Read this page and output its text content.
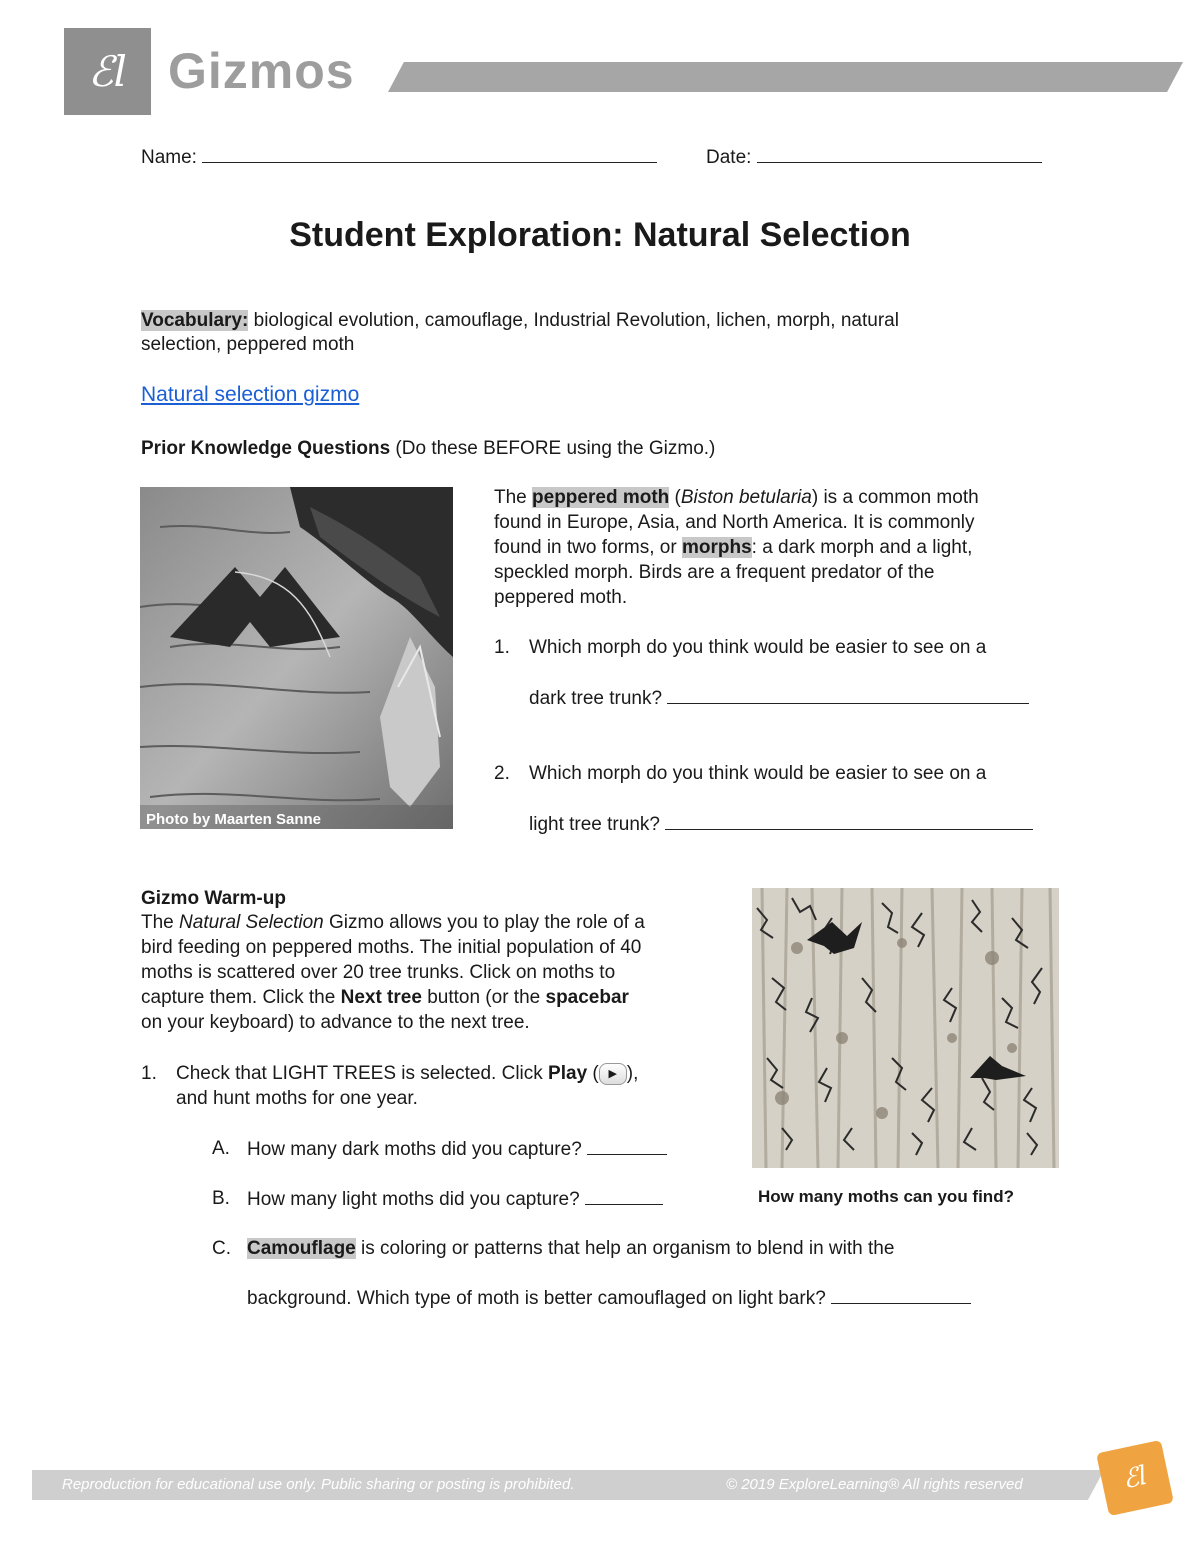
ℰl Gizmos
Name:	Date:
Student Exploration: Natural Selection
Vocabulary: biological evolution, camouflage, Industrial Revolution, lichen, morph, natural
selection, peppered moth
Natural selection gizmo
Prior Knowledge Questions (Do these BEFORE using the Gizmo.)
Photo by Maarten Sanne
The peppered moth (Biston betularia) is a common moth
found in Europe, Asia, and North America. It is commonly
found in two forms, or morphs: a dark morph and a light,
speckled morph. Birds are a frequent predator of the
peppered moth.
1. Which morph do you think would be easier to see on a
dark tree trunk?
2. Which morph do you think would be easier to see on a
light tree trunk?
Gizmo Warm-up
The Natural Selection Gizmo allows you to play the role of a
bird feeding on peppered moths. The initial population of 40
moths is scattered over 20 tree trunks. Click on moths to
capture them. Click the Next tree button (or the spacebar
on your keyboard) to advance to the next tree.
1. Check that LIGHT TREES is selected. Click Play ( ▶ ),
and hunt moths for one year.
A. How many dark moths did you capture?
B. How many light moths did you capture?
C. Camouflage is coloring or patterns that help an organism to blend in with the
background. Which type of moth is better camouflaged on light bark?
How many moths can you find?
Reproduction for educational use only. Public sharing or posting is prohibited.	© 2019 ExploreLearning® All rights reserved	ℰl
